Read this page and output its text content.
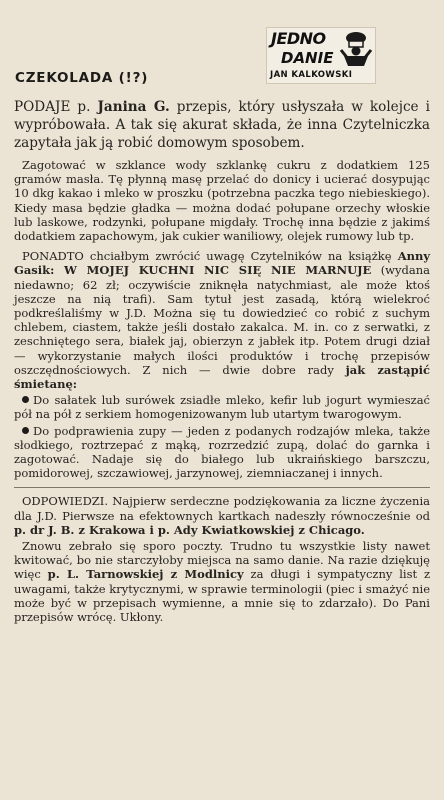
JEDNO
DANIE
JAN KALKOWSKI
CZEKOLADA (!?)

PODAJE p. Janina G. przepis, który usłyszała w kolejce i wypróbowała. A tak się akurat składa, że inna Czytelniczka zapytała jak ją robić domowym sposobem.

Zagotować w szklance wody szklankę cukru z dodatkiem 125 gramów masła. Tę płynną masę przelać do donicy i ucierać dosypując 10 dkg kakao i mleko w proszku (potrzebna paczka tego niebieskiego). Kiedy masa będzie gładka — można dodać połupane orzechy włoskie lub laskowe, rodzynki, połupane migdały. Trochę inna będzie z jakimś dodatkiem zapachowym, jak cukier waniliowy, olejek rumowy lub tp.

PONADTO chciałbym zwrócić uwagę Czytelników na książkę Anny Gasik: W MOJEJ KUCHNI NIC SIĘ NIE MARNUJE (wydana niedawno; 62 zł; oczywiście zniknęła natychmiast, ale może ktoś jeszcze na nią trafi). Sam tytuł jest zasadą, którą wielekroć podkreślaliśmy w J.D. Można się tu dowiedzieć co robić z suchym chlebem, ciastem, także jeśli dostało zakalca. M. in. co z serwatki, z zeschniętego sera, białek jaj, obierzyn z jabłek itp. Potem drugi dział — wykorzystanie małych ilości produktów i trochę przepisów oszczędnościowych. Z nich — dwie dobre rady jak zastąpić śmietanę:

Do sałatek lub surówek zsiadłe mleko, kefir lub jogurt wymieszać pół na pół z serkiem homogenizowanym lub utartym twarogowym.

Do podprawienia zupy — jeden z podanych rodzajów mleka, także słodkiego, roztrzepać z mąką, rozrzedzić zupą, dolać do garnka i zagotować. Nadaje się do białego lub ukraińskiego barszczu, pomidorowej, szczawiowej, jarzynowej, ziemniaczanej i innych.

ODPOWIEDZI. Najpierw serdeczne podziękowania za liczne życzenia dla J.D. Pierwsze na efektownych kartkach nadeszły równocześnie od p. dr J. B. z Krakowa i p. Ady Kwiatkowskiej z Chicago.

Znowu zebrało się sporo poczty. Trudno tu wszystkie listy nawet kwitować, bo nie starczyłoby miejsca na samo danie. Na razie dziękuję więc p. L. Tarnowskiej z Modlnicy za długi i sympatyczny list z uwagami, także krytycznymi, w sprawie terminologii (piec i smażyć nie może być w przepisach wymienne, a mnie się to zdarzało). Do Pani przepisów wrócę. Ukłony.
